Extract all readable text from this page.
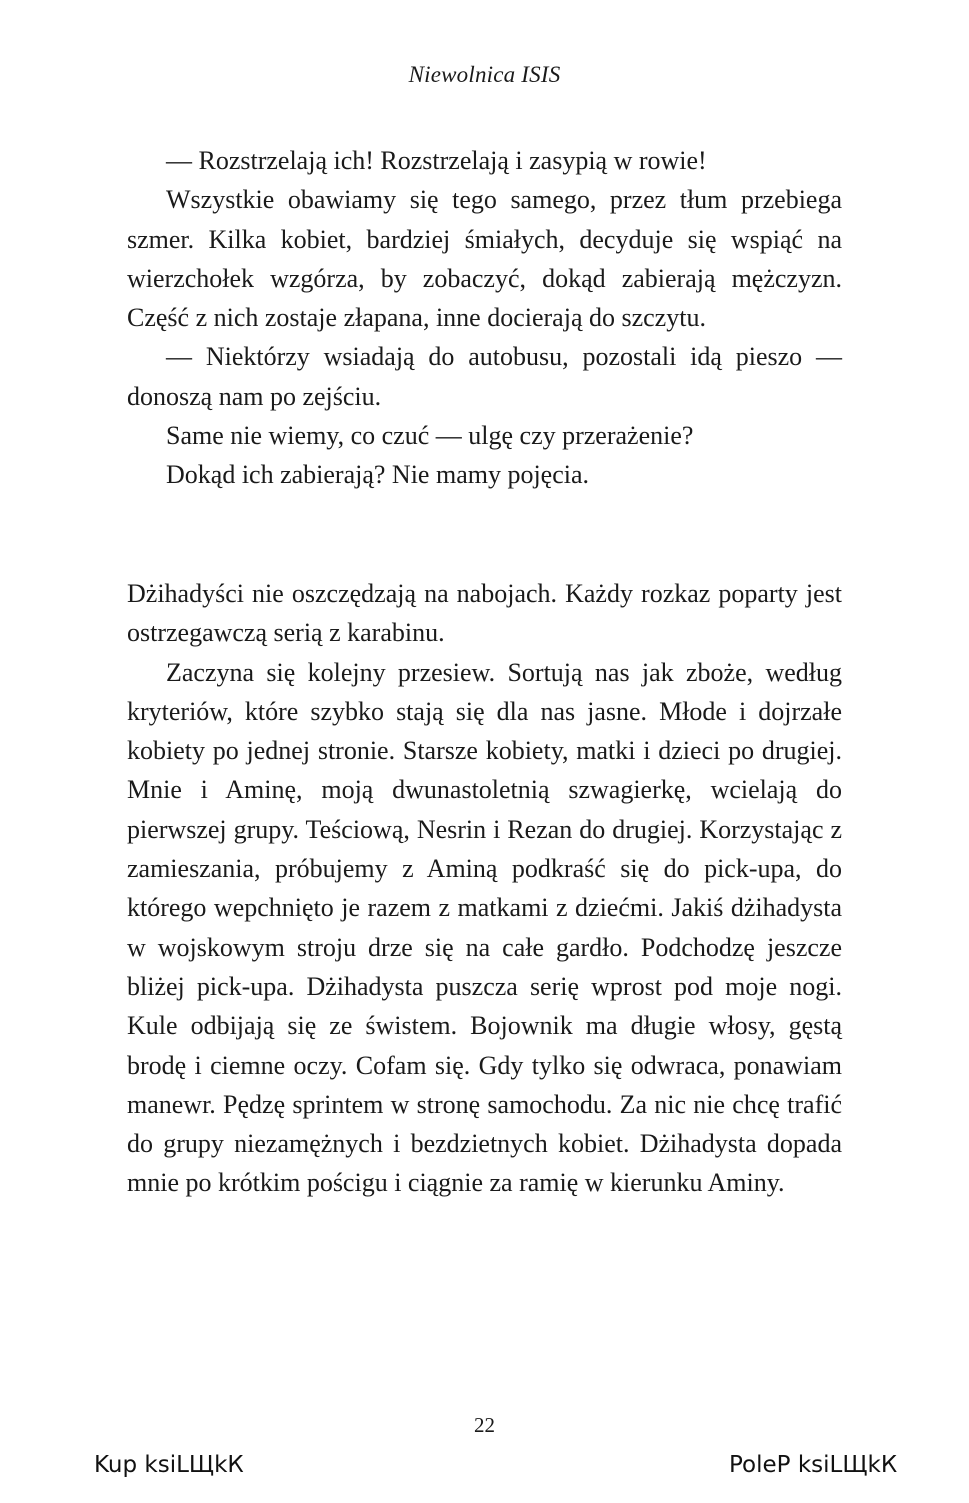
Niewolnica ISIS

— Rozstrzelają ich! Rozstrzelają i zasypią w rowie!

Wszystkie obawiamy się tego samego, przez tłum przebiega szmer. Kilka kobiet, bardziej śmiałych, decyduje się wspiąć na wierzchołek wzgórza, by zobaczyć, dokąd zabierają mężczyzn. Część z nich zostaje złapana, inne docierają do szczytu.

— Niektórzy wsiadają do autobusu, pozostali idą pieszo — donoszą nam po zejściu.

Same nie wiemy, co czuć — ulgę czy przerażenie?

Dokąd ich zabierają? Nie mamy pojęcia.

Dżihadyści nie oszczędzają na nabojach. Każdy rozkaz poparty jest ostrzegawczą serią z karabinu.

Zaczyna się kolejny przesiew. Sortują nas jak zboże, według kryteriów, które szybko stają się dla nas jasne. Młode i dojrzałe kobiety po jednej stronie. Starsze kobiety, matki i dzieci po drugiej. Mnie i Aminę, moją dwunastoletnią szwagierkę, wcielają do pierwszej grupy. Teściową, Nesrin i Rezan do drugiej. Korzystając z zamieszania, próbujemy z Aminą podkraść się do pick-upa, do którego wepchnięto je razem z matkami z dziećmi. Jakiś dżihadysta w wojskowym stroju drze się na całe gardło. Podchodzę jeszcze bliżej pick-upa. Dżihadysta puszcza serię wprost pod moje nogi. Kule odbijają się ze świstem. Bojownik ma długie włosy, gęstą brodę i ciemne oczy. Cofam się. Gdy tylko się odwraca, ponawiam manewr. Pędzę sprintem w stronę samochodu. Za nic nie chcę trafić do grupy niezamężnych i bezdzietnych kobiet. Dżihadysta dopada mnie po krótkim pościgu i ciągnie za ramię w kierunku Aminy.

22
Kup ksiLЩkК	PoleР ksiLЩkК
